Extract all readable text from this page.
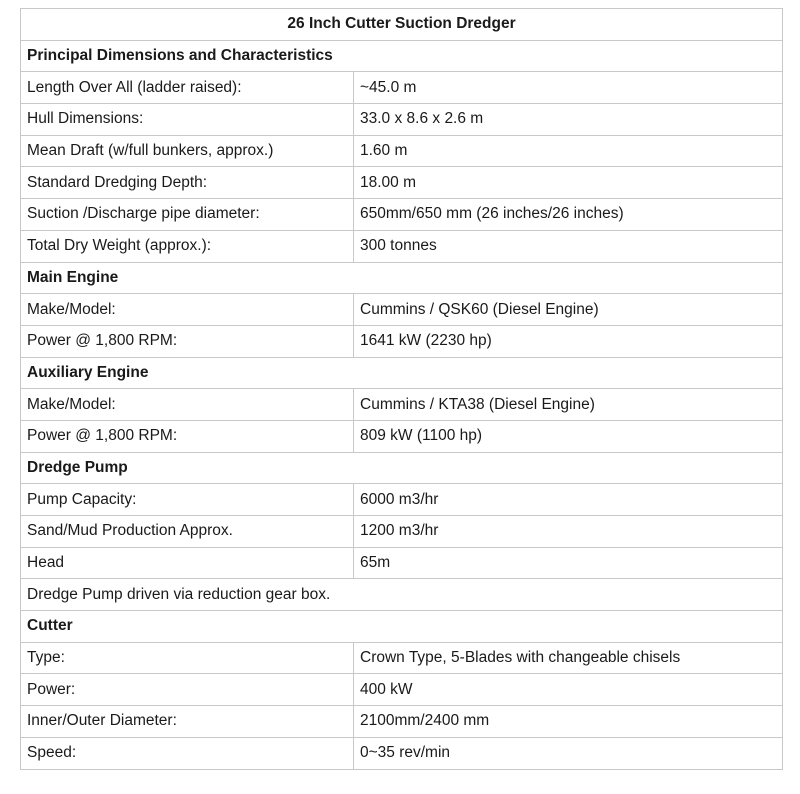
26 Inch Cutter Suction Dredger	
Principal Dimensions and Characteristics	
Length Over All (ladder raised):	~45.0 m
Hull Dimensions:	33.0 x 8.6 x 2.6 m
Mean Draft (w/full bunkers, approx.)	1.60 m
Standard Dredging Depth:	18.00 m
Suction /Discharge pipe diameter:	650mm/650 mm (26 inches/26 inches)
Total Dry Weight (approx.):	300 tonnes
Main Engine	
Make/Model:	Cummins / QSK60 (Diesel Engine)
Power @ 1,800 RPM:	1641 kW (2230 hp)
Auxiliary Engine	
Make/Model:	Cummins / KTA38 (Diesel Engine)
Power @ 1,800 RPM:	809 kW (1100 hp)
Dredge Pump	
Pump Capacity:	6000 m3/hr
Sand/Mud Production Approx.	1200 m3/hr
Head	65m
Dredge Pump driven via reduction gear box.	
Cutter	
Type:	Crown Type, 5-Blades with changeable chisels
Power:	400 kW
Inner/Outer Diameter:	2100mm/2400 mm
Speed:	0~35 rev/min
